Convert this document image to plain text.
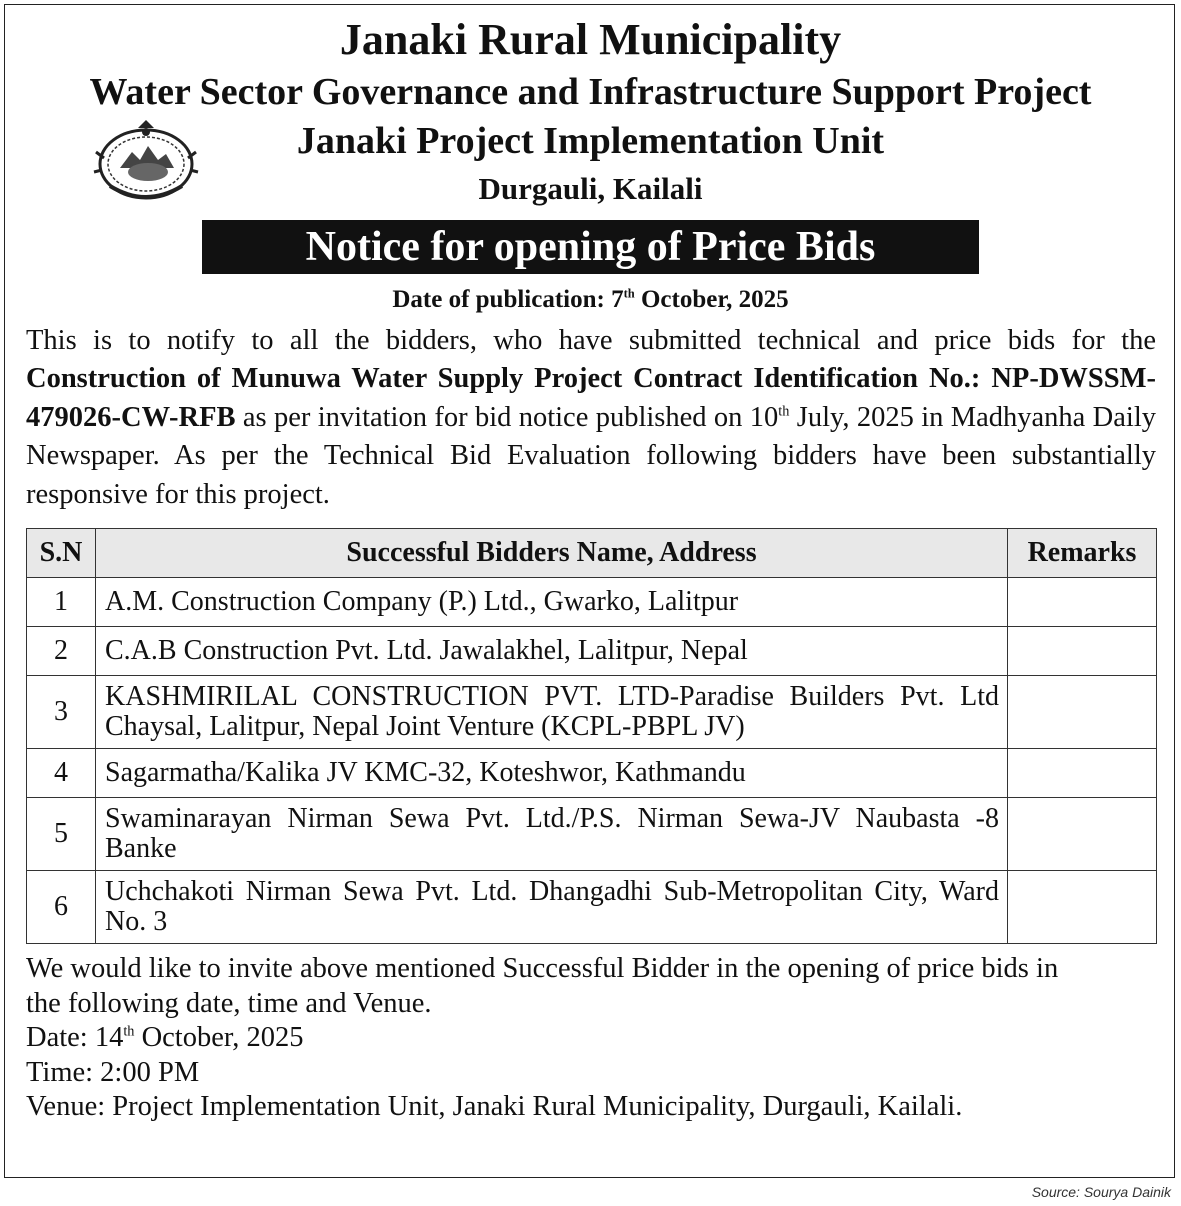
Janaki Rural Municipality
Water Sector Governance and Infrastructure Support Project
Janaki Project Implementation Unit
Durgauli, Kailali
Notice for opening of Price Bids
Date of publication: 7th October, 2025
This is to notify to all the bidders, who have submitted technical and price bids for the Construction of Munuwa Water Supply Project Contract Identification No.: NP-DWSSM-479026-CW-RFB as per invitation for bid notice published on 10th July, 2025 in Madhyanha Daily Newspaper. As per the Technical Bid Evaluation following bidders have been substantially responsive for this project.
S.N	Successful Bidders Name, Address	Remarks
1	A.M. Construction Company (P.) Ltd., Gwarko, Lalitpur	
2	C.A.B Construction Pvt. Ltd. Jawalakhel, Lalitpur, Nepal	
3	KASHMIRILAL CONSTRUCTION PVT. LTD-Paradise Builders Pvt. Ltd Chaysal, Lalitpur, Nepal Joint Venture (KCPL-PBPL JV)	
4	Sagarmatha/Kalika JV KMC-32, Koteshwor, Kathmandu	
5	Swaminarayan Nirman Sewa Pvt. Ltd./P.S. Nirman Sewa-JV Naubasta -8 Banke	
6	Uchchakoti Nirman Sewa Pvt. Ltd. Dhangadhi Sub-Metropolitan City, Ward No. 3	
We would like to invite above mentioned Successful Bidder in the opening of price bids in
the following date, time and Venue.
Date: 14th October, 2025
Time: 2:00 PM
Venue: Project Implementation Unit, Janaki Rural Municipality, Durgauli, Kailali.
Source: Sourya Dainik
